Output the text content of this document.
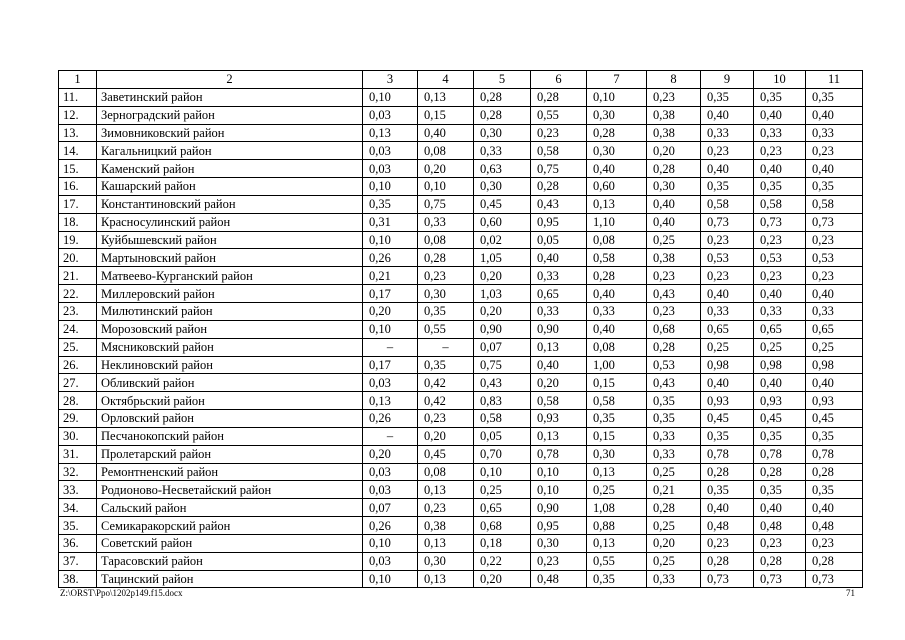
1	2	3	4	5	6	7	8	9	10	11
11.	Заветинский район	0,10	0,13	0,28	0,28	0,10	0,23	0,35	0,35	0,35
12.	Зерноградский район	0,03	0,15	0,28	0,55	0,30	0,38	0,40	0,40	0,40
13.	Зимовниковский район	0,13	0,40	0,30	0,23	0,28	0,38	0,33	0,33	0,33
14.	Кагальницкий район	0,03	0,08	0,33	0,58	0,30	0,20	0,23	0,23	0,23
15.	Каменский район	0,03	0,20	0,63	0,75	0,40	0,28	0,40	0,40	0,40
16.	Кашарский район	0,10	0,10	0,30	0,28	0,60	0,30	0,35	0,35	0,35
17.	Константиновский район	0,35	0,75	0,45	0,43	0,13	0,40	0,58	0,58	0,58
18.	Красносулинский район	0,31	0,33	0,60	0,95	1,10	0,40	0,73	0,73	0,73
19.	Куйбышевский район	0,10	0,08	0,02	0,05	0,08	0,25	0,23	0,23	0,23
20.	Мартыновский район	0,26	0,28	1,05	0,40	0,58	0,38	0,53	0,53	0,53
21.	Матвеево-Курганский район	0,21	0,23	0,20	0,33	0,28	0,23	0,23	0,23	0,23
22.	Миллеровский район	0,17	0,30	1,03	0,65	0,40	0,43	0,40	0,40	0,40
23.	Милютинский район	0,20	0,35	0,20	0,33	0,33	0,23	0,33	0,33	0,33
24.	Морозовский район	0,10	0,55	0,90	0,90	0,40	0,68	0,65	0,65	0,65
25.	Мясниковский район	–	–	0,07	0,13	0,08	0,28	0,25	0,25	0,25
26.	Неклиновский район	0,17	0,35	0,75	0,40	1,00	0,53	0,98	0,98	0,98
27.	Обливский район	0,03	0,42	0,43	0,20	0,15	0,43	0,40	0,40	0,40
28.	Октябрьский район	0,13	0,42	0,83	0,58	0,58	0,35	0,93	0,93	0,93
29.	Орловский район	0,26	0,23	0,58	0,93	0,35	0,35	0,45	0,45	0,45
30.	Песчанокопский район	–	0,20	0,05	0,13	0,15	0,33	0,35	0,35	0,35
31.	Пролетарский район	0,20	0,45	0,70	0,78	0,30	0,33	0,78	0,78	0,78
32.	Ремонтненский район	0,03	0,08	0,10	0,10	0,13	0,25	0,28	0,28	0,28
33.	Родионово-Несветайский район	0,03	0,13	0,25	0,10	0,25	0,21	0,35	0,35	0,35
34.	Сальский район	0,07	0,23	0,65	0,90	1,08	0,28	0,40	0,40	0,40
35.	Семикаракорский район	0,26	0,38	0,68	0,95	0,88	0,25	0,48	0,48	0,48
36.	Советский район	0,10	0,13	0,18	0,30	0,13	0,20	0,23	0,23	0,23
37.	Тарасовский район	0,03	0,30	0,22	0,23	0,55	0,25	0,28	0,28	0,28
38.	Тацинский район	0,10	0,13	0,20	0,48	0,35	0,33	0,73	0,73	0,73
Z:\ORST\Ppo\1202p149.f15.docx	71
